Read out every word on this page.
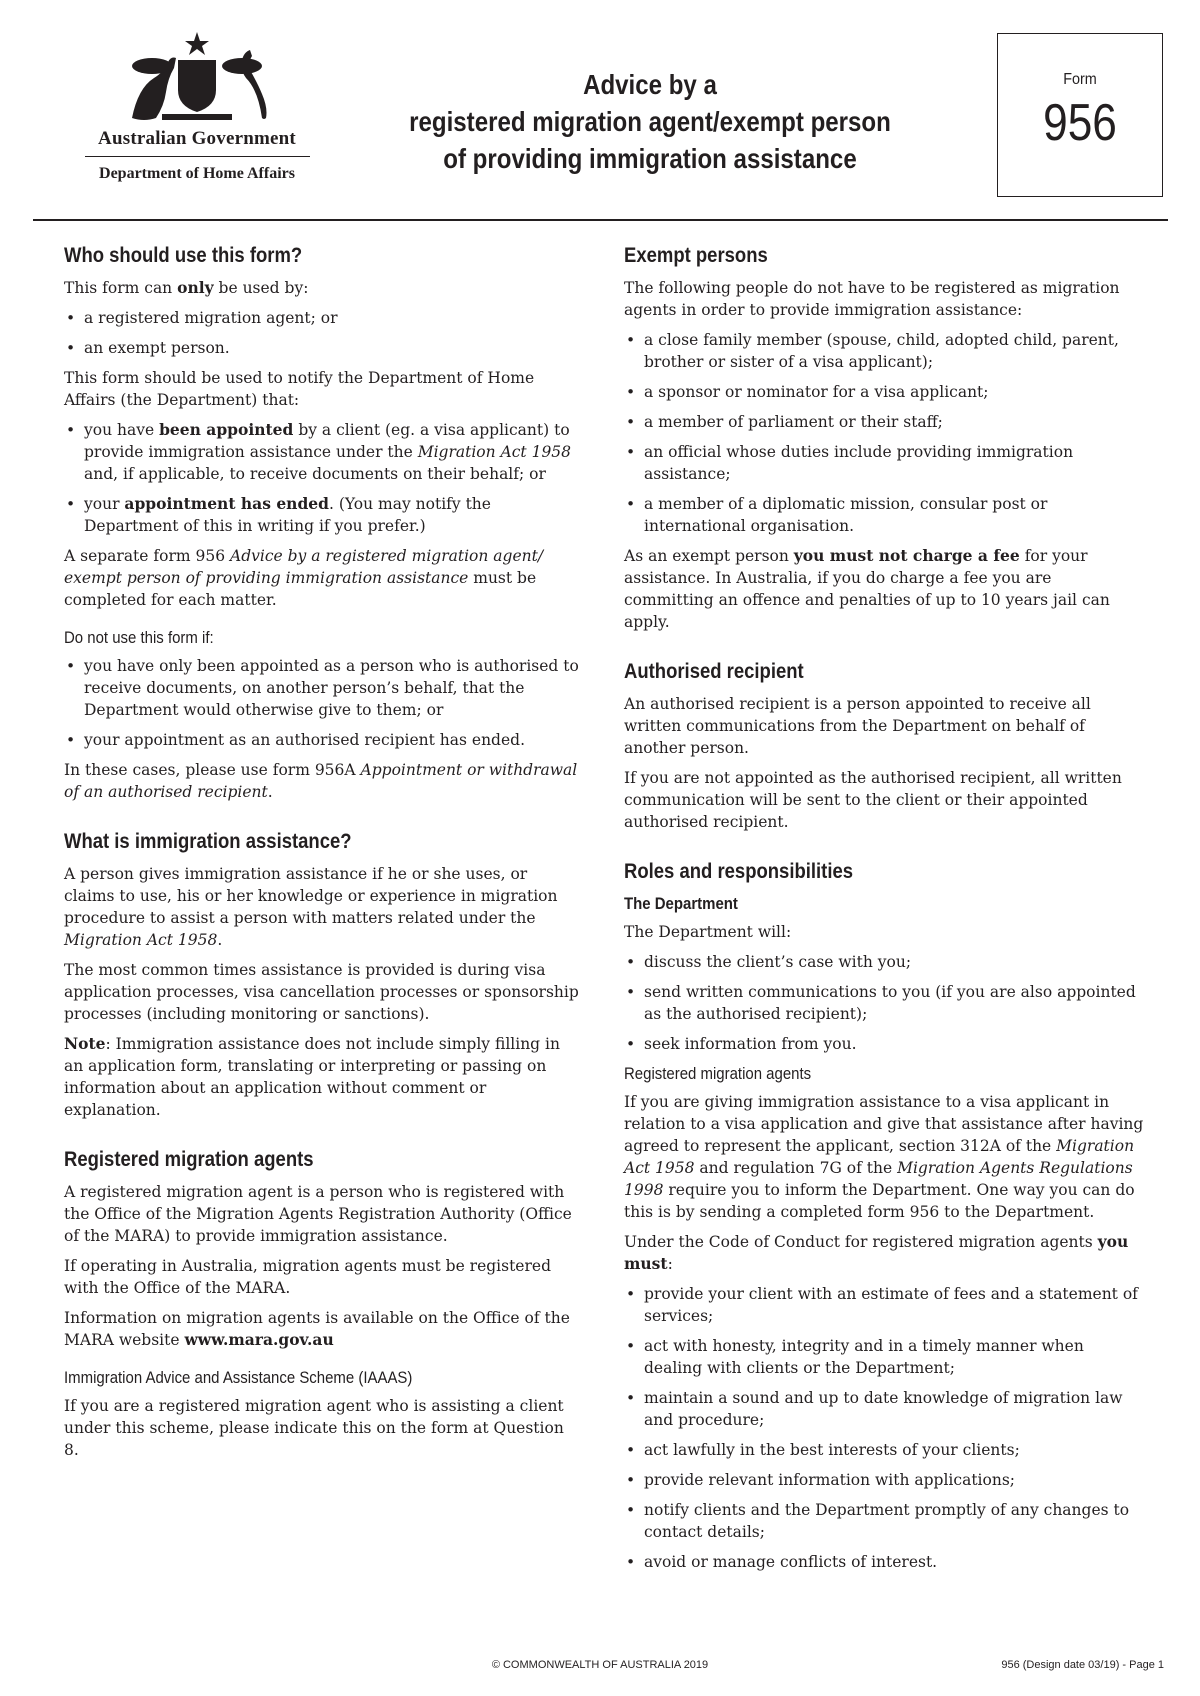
Australian Government
Department of Home Affairs
Advice by a
registered migration agent/exempt person
of providing immigration assistance
Form
956
Who should use this form?

This form can only be used by:

• a registered migration agent; or
• an exempt person.

This form should be used to notify the Department of Home Affairs (the Department) that:

• you have been appointed by a client (eg. a visa applicant) to provide immigration assistance under the Migration Act 1958 and, if applicable, to receive documents on their behalf; or
• your appointment has ended. (You may notify the Department of this in writing if you prefer.)

A separate form 956 Advice by a registered migration agent/ exempt person of providing immigration assistance must be completed for each matter.

Do not use this form if:
• you have only been appointed as a person who is authorised to receive documents, on another person’s behalf, that the Department would otherwise give to them; or
• your appointment as an authorised recipient has ended.

In these cases, please use form 956A Appointment or withdrawal of an authorised recipient.

What is immigration assistance?

A person gives immigration assistance if he or she uses, or claims to use, his or her knowledge or experience in migration procedure to assist a person with matters related under the Migration Act 1958.

The most common times assistance is provided is during visa application processes, visa cancellation processes or sponsorship processes (including monitoring or sanctions).

Note: Immigration assistance does not include simply filling in an application form, translating or interpreting or passing on information about an application without comment or explanation.

Registered migration agents

A registered migration agent is a person who is registered with the Office of the Migration Agents Registration Authority (Office of the MARA) to provide immigration assistance.

If operating in Australia, migration agents must be registered with the Office of the MARA.

Information on migration agents is available on the Office of the MARA website www.mara.gov.au

Immigration Advice and Assistance Scheme (IAAAS)

If you are a registered migration agent who is assisting a client under this scheme, please indicate this on the form at Question 8.

Exempt persons

The following people do not have to be registered as migration agents in order to provide immigration assistance:

• a close family member (spouse, child, adopted child, parent, brother or sister of a visa applicant);
• a sponsor or nominator for a visa applicant;
• a member of parliament or their staff;
• an official whose duties include providing immigration assistance;
• a member of a diplomatic mission, consular post or international organisation.

As an exempt person you must not charge a fee for your assistance. In Australia, if you do charge a fee you are committing an offence and penalties of up to 10 years jail can apply.

Authorised recipient

An authorised recipient is a person appointed to receive all written communications from the Department on behalf of another person.

If you are not appointed as the authorised recipient, all written communication will be sent to the client or their appointed authorised recipient.

Roles and responsibilities
The Department

The Department will:

• discuss the client’s case with you;
• send written communications to you (if you are also appointed as the authorised recipient);
• seek information from you.
Registered migration agents

If you are giving immigration assistance to a visa applicant in relation to a visa application and give that assistance after having agreed to represent the applicant, section 312A of the Migration Act 1958 and regulation 7G of the Migration Agents Regulations 1998 require you to inform the Department. One way you can do this is by sending a completed form 956 to the Department.

Under the Code of Conduct for registered migration agents you must:

• provide your client with an estimate of fees and a statement of services;
• act with honesty, integrity and in a timely manner when dealing with clients or the Department;
• maintain a sound and up to date knowledge of migration law and procedure;
• act lawfully in the best interests of your clients;
• provide relevant information with applications;
• notify clients and the Department promptly of any changes to contact details;
• avoid or manage conflicts of interest.
© COMMONWEALTH OF AUSTRALIA 2019	956 (Design date 03/19) - Page 1
